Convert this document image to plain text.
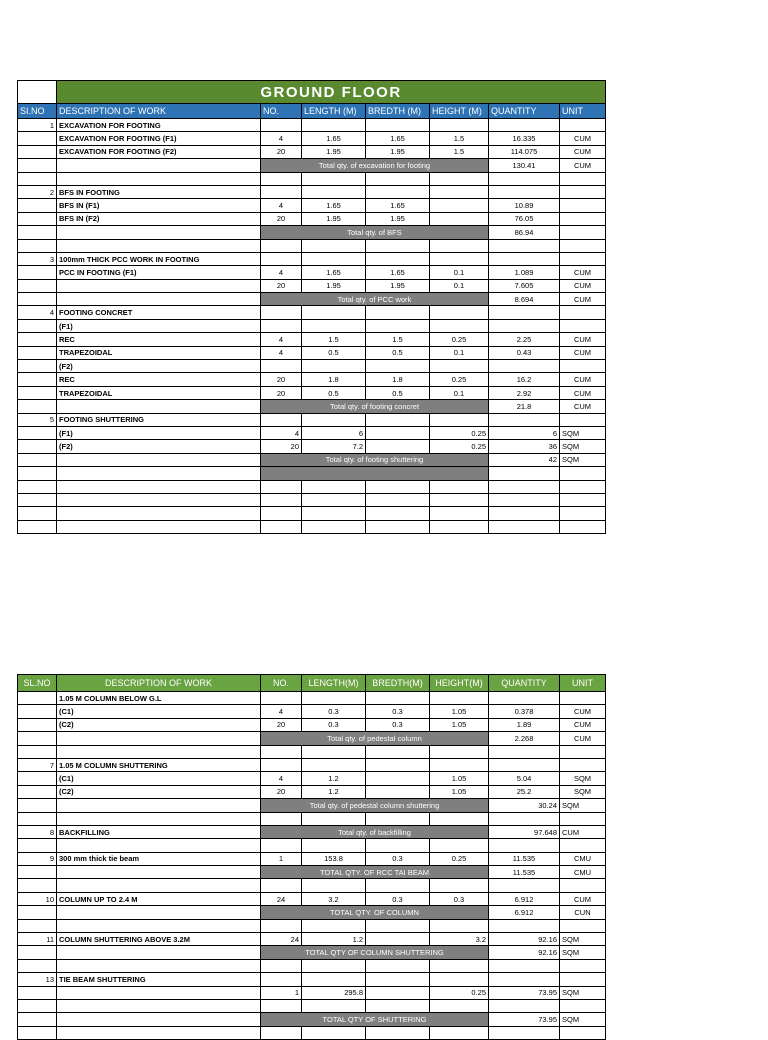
	GROUND FLOOR						
SI.NO	DESCRIPTION OF WORK	NO.	LENGTH (M)	BREDTH (M)	HEIGHT (M)	QUANTITY	UNIT
1	EXCAVATION FOR FOOTING						
	EXCAVATION FOR FOOTING (F1)	4	1.65	1.65	1.5	16.335	CUM
	EXCAVATION FOR FOOTING (F2)	20	1.95	1.95	1.5	114.075	CUM
		Total qty. of excavation for footing				130.41	CUM

2	BFS IN FOOTING						
	BFS IN (F1)	4	1.65	1.65		10.89	
	BFS IN (F2)	20	1.95	1.95		76.05	
		Total qty. of BFS				86.94	

3	100mm THICK PCC WORK IN FOOTING						
	PCC IN FOOTING (F1)	4	1.65	1.65	0.1	1.089	CUM
		20	1.95	1.95	0.1	7.605	CUM
		Total qty. of PCC work				8.694	CUM
4	FOOTING CONCRET						
	(F1)						
	REC	4	1.5	1.5	0.25	2.25	CUM
	TRAPEZOIDAL	4	0.5	0.5	0.1	0.43	CUM
	(F2)						
	REC	20	1.8	1.8	0.25	16.2	CUM
	TRAPEZOIDAL	20	0.5	0.5	0.1	2.92	CUM
		Total qty. of footing concret				21.8	CUM
5	FOOTING SHUTTERING						
	(F1)	4	6		0.25	6	SQM
	(F2)	20	7.2		0.25	36	SQM
		Total qty. of footing shuttering				42	SQM

SL.NO	DESCRIPTION OF WORK	NO.	LENGTH(M)	BREDTH(M)	HEIGHT(M)	QUANTITY	UNIT
	1.05 M COLUMN BELOW G.L						
	(C1)	4	0.3	0.3	1.05	0.378	CUM
	(C2)	20	0.3	0.3	1.05	1.89	CUM
		Total qty. of pedestal column				2.268	CUM

7	1.05 M COLUMN SHUTTERING						
	(C1)	4	1.2		1.05	5.04	SQM
	(C2)	20	1.2		1.05	25.2	SQM
		Total qty. of pedestal column shuttering				30.24	SQM

8	BACKFILLING	Total qty. of backfilling				97.648	CUM

9	300 mm thick tie beam	1	153.8	0.3	0.25	11.535	CMU
		TOTAL QTY. OF RCC TAI BEAM				11.535	CMU

10	COLUMN UP TO 2.4 M	24	3.2	0.3	0.3	6.912	CUM
		TOTAL QTY. OF COLUMN				6.912	CUN

11	COLUMN SHUTTERING ABOVE 3.2M	24	1.2		3.2	92.16	SQM
		TOTAL QTY OF COLUMN SHUTTERING				92.16	SQM

13	TIE BEAM SHUTTERING						
		1	295.8		0.25	73.95	SQM

		TOTAL QTY OF SHUTTERING				73.95	SQM
